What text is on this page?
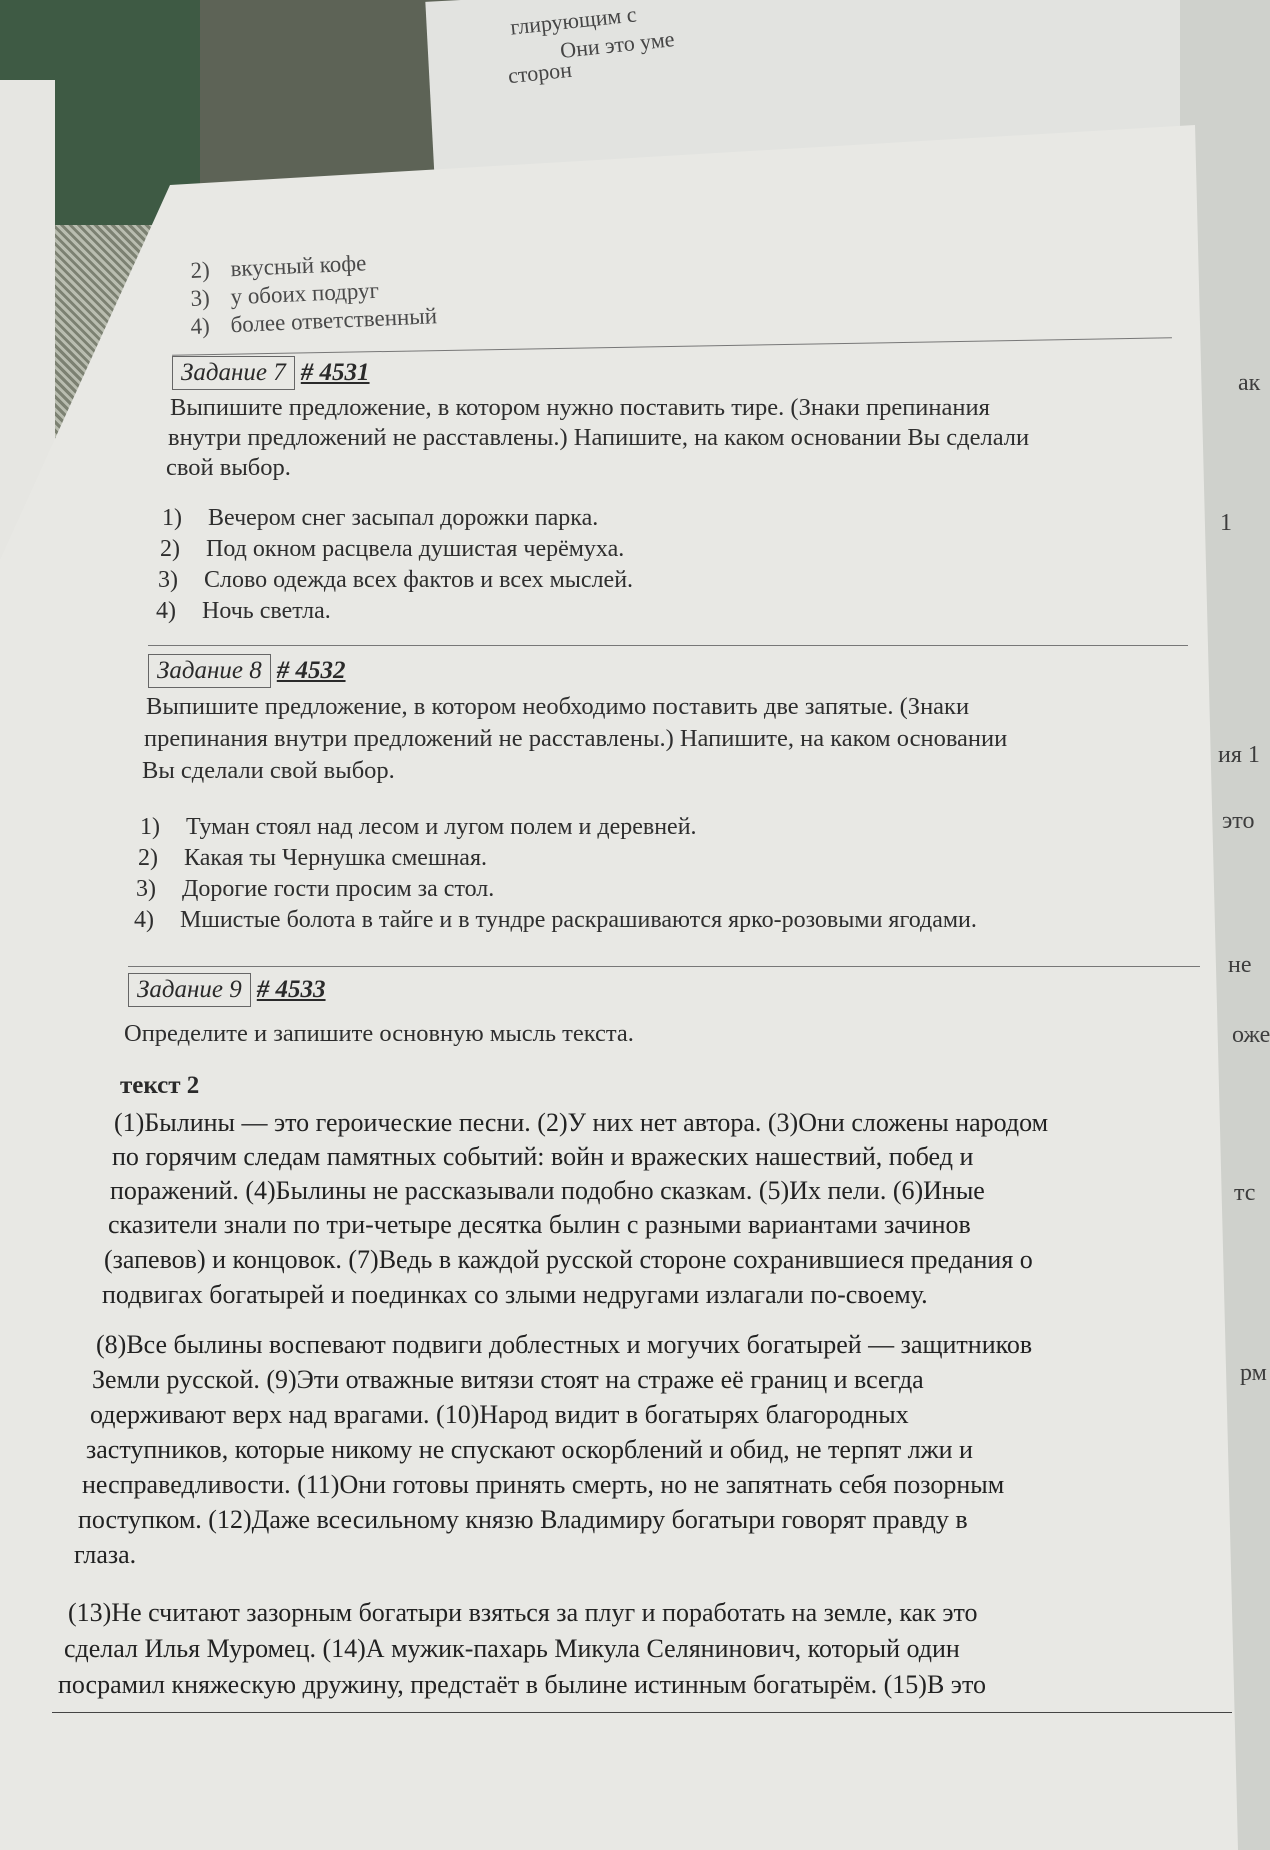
глирующим с
Они это уме
сторон
ак
1
ия 1
это
не
оже
тс
рм
2) вкусный кофе
3) у обоих подруг
4) более ответственный
Задание 7 # 4531
Выпишите предложение, в котором нужно поставить тире. (Знаки препинания
внутри предложений не расставлены.) Напишите, на каком основании Вы сделали
свой выбор.
1) Вечером снег засыпал дорожки парка.
2) Под окном расцвела душистая черёмуха.
3) Слово одежда всех фактов и всех мыслей.
4) Ночь светла.
Задание 8 # 4532
Выпишите предложение, в котором необходимо поставить две запятые. (Знаки
препинания внутри предложений не расставлены.) Напишите, на каком основании
Вы сделали свой выбор.
1) Туман стоял над лесом и лугом полем и деревней.
2) Какая ты Чернушка смешная.
3) Дорогие гости просим за стол.
4) Мшистые болота в тайге и в тундре раскрашиваются ярко-розовыми ягодами.
Задание 9 # 4533
Определите и запишите основную мысль текста.
текст 2
(1)Былины — это героические песни. (2)У них нет автора. (3)Они сложены народом
по горячим следам памятных событий: войн и вражеских нашествий, побед и
поражений. (4)Былины не рассказывали подобно сказкам. (5)Их пели. (6)Иные
сказители знали по три-четыре десятка былин с разными вариантами зачинов
(запевов) и концовок. (7)Ведь в каждой русской стороне сохранившиеся предания о
подвигах богатырей и поединках со злыми недругами излагали по-своему.
(8)Все былины воспевают подвиги доблестных и могучих богатырей — защитников
Земли русской. (9)Эти отважные витязи стоят на страже её границ и всегда
одерживают верх над врагами. (10)Народ видит в богатырях благородных
заступников, которые никому не спускают оскорблений и обид, не терпят лжи и
несправедливости. (11)Они готовы принять смерть, но не запятнать себя позорным
поступком. (12)Даже всесильному князю Владимиру богатыри говорят правду в
глаза.
(13)Не считают зазорным богатыри взяться за плуг и поработать на земле, как это
сделал Илья Муромец. (14)А мужик-пахарь Микула Селянинович, который один
посрамил княжескую дружину, предстаёт в былине истинным богатырём. (15)В это
